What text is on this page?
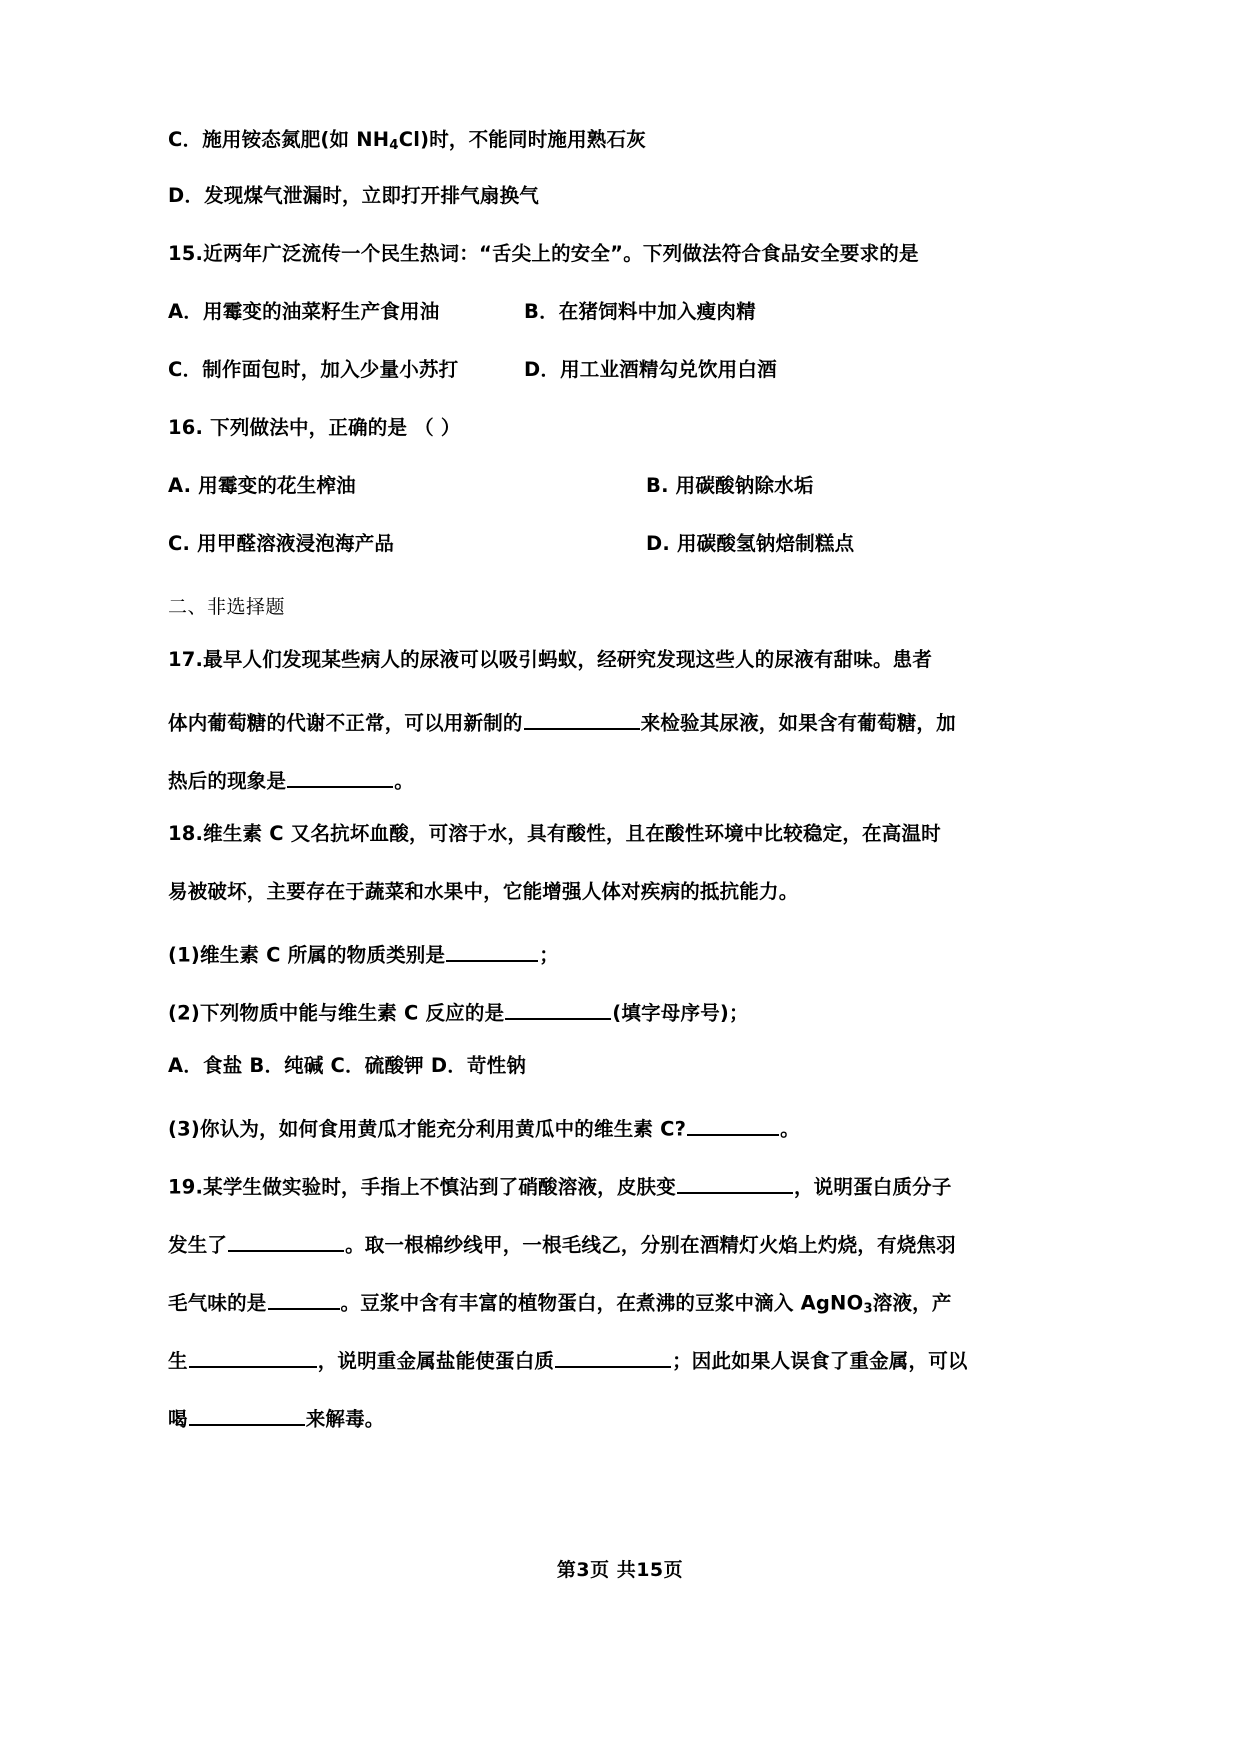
C．施用铵态氮肥(如 $NH_4Cl$)时，不能同时施用熟石灰
D．发现煤气泄漏时，立即打开排气扇换气
15.近两年广泛流传一个民生热词：“舌尖上的安全”。下列做法符合食品安全要求的是
A．用霉变的油菜籽生产食用油	B．在猪饲料中加入瘦肉精
C．制作面包时，加入少量小苏打	D．用工业酒精勾兑饮用白酒
16. 下列做法中，正确的是 （ ）
A. 用霉变的花生榨油	B. 用碳酸钠除水垢
C. 用甲醛溶液浸泡海产品	D. 用碳酸氢钠焙制糕点
二、非选择题
17.最早人们发现某些病人的尿液可以吸引蚂蚁，经研究发现这些人的尿液有甜味。患者
体内葡萄糖的代谢不正常，可以用新制的	来检验其尿液，如果含有葡萄糖，加
热后的现象是	。
18.维生素 C 又名抗坏血酸，可溶于水，具有酸性，且在酸性环境中比较稳定，在高温时
易被破坏，主要存在于蔬菜和水果中，它能增强人体对疾病的抵抗能力。
(1)维生素 C 所属的物质类别是	；
(2)下列物质中能与维生素 C 反应的是	(填字母序号)；
A．食盐 B．纯碱 C．硫酸钾 D．苛性钠
(3)你认为，如何食用黄瓜才能充分利用黄瓜中的维生素 C?	。
19.某学生做实验时，手指上不慎沾到了硝酸溶液，皮肤变	，说明蛋白质分子
发生了	。取一根棉纱线甲，一根毛线乙，分别在酒精灯火焰上灼烧，有烧焦羽
毛气味的是	。豆浆中含有丰富的植物蛋白，在煮沸的豆浆中滴入 AgNO$_3$溶液，产
生	，说明重金属盐能使蛋白质	；因此如果人误食了重金属，可以
喝	来解毒。
第3页 共15页
